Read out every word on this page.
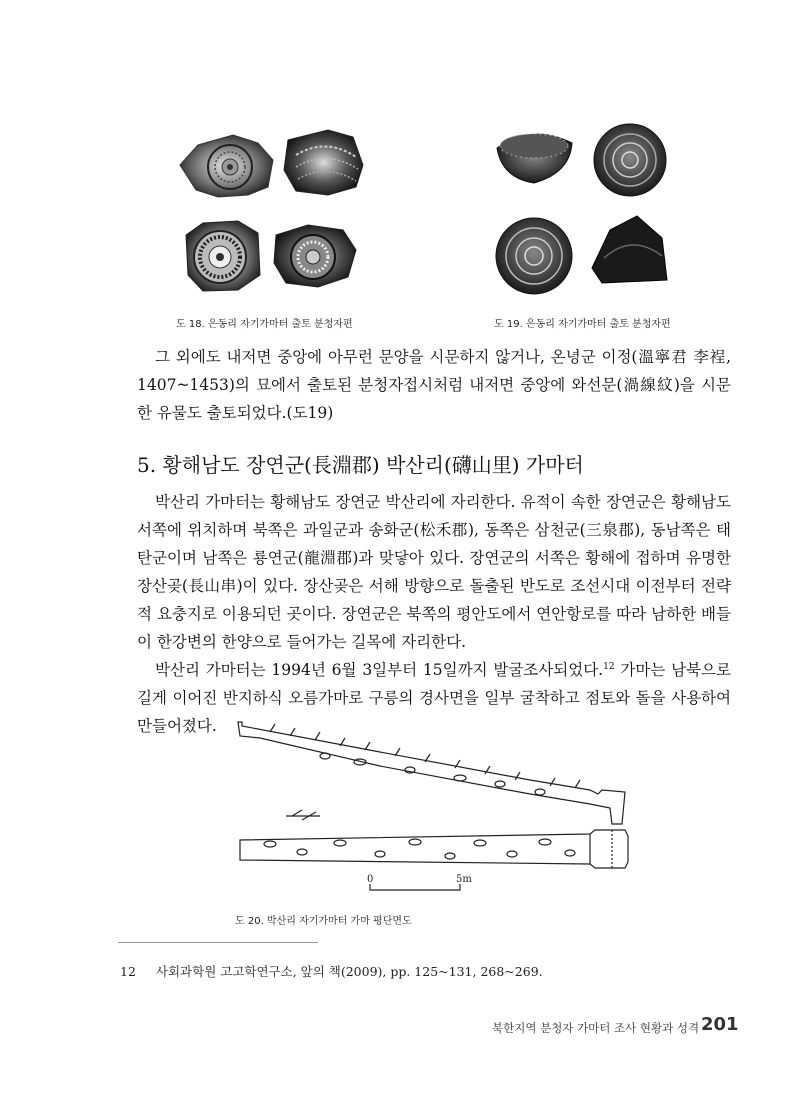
도 18. 은동리 자기가마터 출토 분청자편	도 19. 은동리 자기가마터 출토 분청자편

그 외에도 내저면 중앙에 아무런 문양을 시문하지 않거나, 온녕군 이정(溫寧君 李裎, 1407~1453)의 묘에서 출토된 분청자접시처럼 내저면 중앙에 와선문(渦線紋)을 시문한 유물도 출토되었다.(도19)

5. 황해남도 장연군(長淵郡) 박산리(礴山里) 가마터

박산리 가마터는 황해남도 장연군 박산리에 자리한다. 유적이 속한 장연군은 황해남도 서쪽에 위치하며 북쪽은 과일군과 송화군(松禾郡), 동쪽은 삼천군(三泉郡), 동남쪽은 태탄군이며 남쪽은 룡연군(龍淵郡)과 맞닿아 있다. 장연군의 서쪽은 황해에 접하며 유명한 장산곶(長山串)이 있다. 장산곶은 서해 방향으로 돌출된 반도로 조선시대 이전부터 전략적 요충지로 이용되던 곳이다. 장연군은 북쪽의 평안도에서 연안항로를 따라 남하한 배들이 한강변의 한양으로 들어가는 길목에 자리한다.

박산리 가마터는 1994년 6월 3일부터 15일까지 발굴조사되었다.$^{12}$ 가마는 남북으로 길게 이어진 반지하식 오름가마로 구릉의 경사면을 일부 굴착하고 점토와 돌을 사용하여 만들어졌다.

0	5m
도 20. 박산리 자기가마터 가마 평단면도
12 사회과학원 고고학연구소, 앞의 책(2009), pp. 125~131, 268~269.
북한지역 분청자 가마터 조사 현황과 성격 201
